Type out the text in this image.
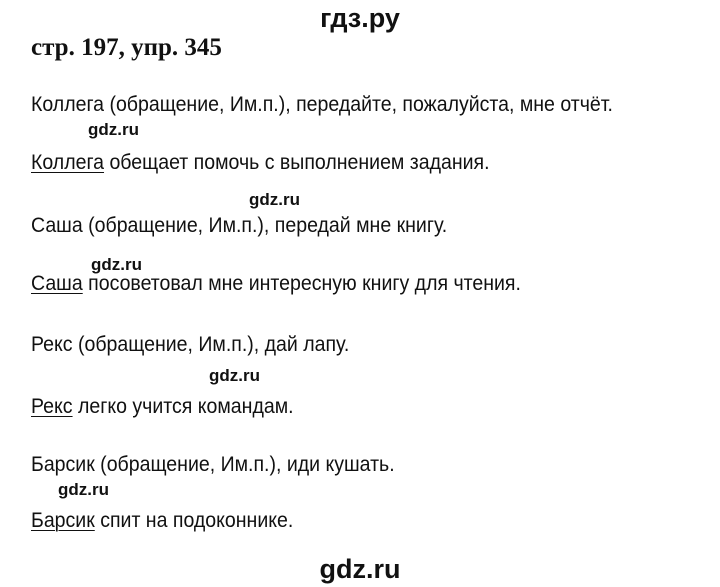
гдз.ру
стр. 197, упр. 345
Коллега (обращение, Им.п.), передайте, пожалуйста, мне отчёт.
gdz.ru
Коллега обещает помочь с выполнением задания.
gdz.ru
Саша (обращение, Им.п.), передай мне книгу.
gdz.ru
Саша посоветовал мне интересную книгу для чтения.
Рекс (обращение, Им.п.), дай лапу.
gdz.ru
Рекс легко учится командам.
Барсик (обращение, Им.п.), иди кушать.
gdz.ru
Барсик спит на подоконнике.
gdz.ru
